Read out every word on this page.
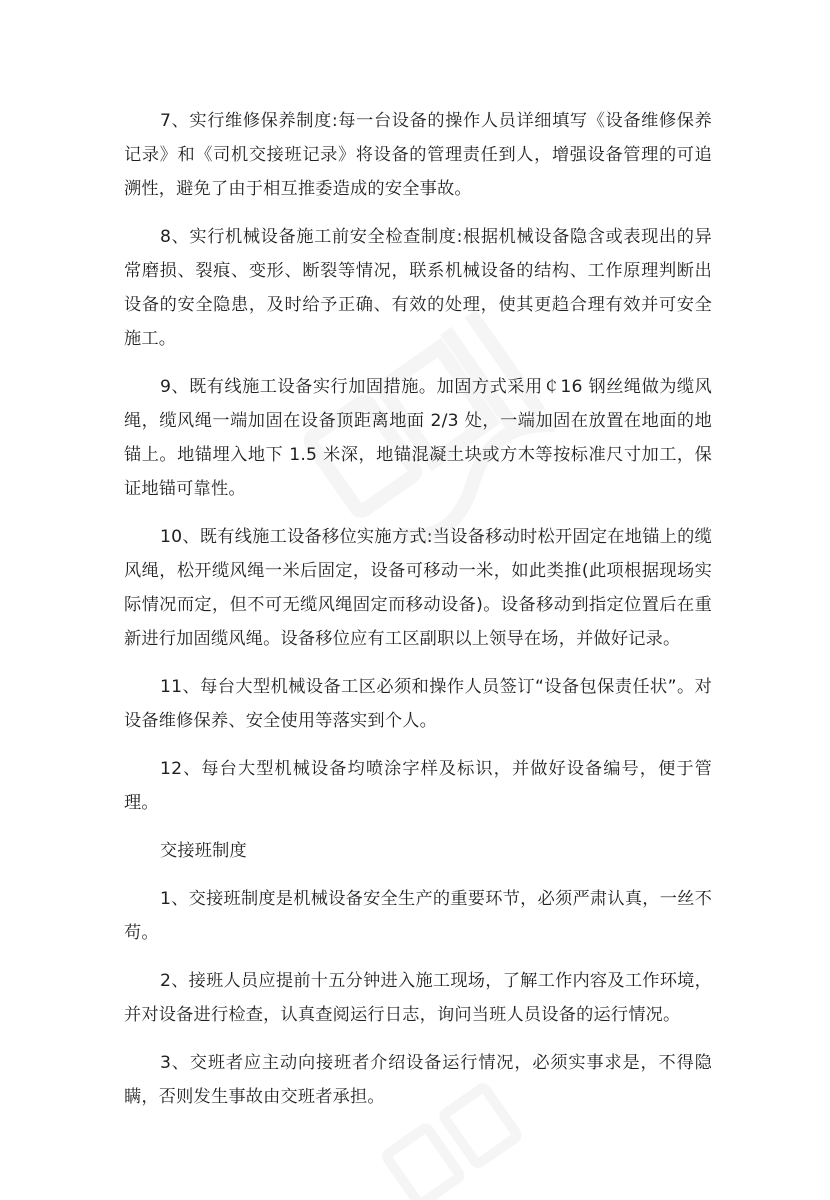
7、实行维修保养制度:每一台设备的操作人员详细填写《设备维修保养记录》和《司机交接班记录》将设备的管理责任到人，增强设备管理的可追溯性，避免了由于相互推委造成的安全事故。

8、实行机械设备施工前安全检查制度:根据机械设备隐含或表现出的异常磨损、裂痕、变形、断裂等情况，联系机械设备的结构、工作原理判断出设备的安全隐患，及时给予正确、有效的处理，使其更趋合理有效并可安全施工。

9、既有线施工设备实行加固措施。加固方式采用￠16 钢丝绳做为缆风绳，缆风绳一端加固在设备顶距离地面 2/3 处，一端加固在放置在地面的地锚上。地锚埋入地下 1.5 米深，地锚混凝土块或方木等按标准尺寸加工，保证地锚可靠性。

10、既有线施工设备移位实施方式:当设备移动时松开固定在地锚上的缆风绳，松开缆风绳一米后固定，设备可移动一米，如此类推(此项根据现场实际情况而定，但不可无缆风绳固定而移动设备)。设备移动到指定位置后在重新进行加固缆风绳。设备移位应有工区副职以上领导在场，并做好记录。

11、每台大型机械设备工区必须和操作人员签订“设备包保责任状”。对设备维修保养、安全使用等落实到个人。

12、每台大型机械设备均喷涂字样及标识，并做好设备编号，便于管理。

交接班制度

1、交接班制度是机械设备安全生产的重要环节，必须严肃认真，一丝不苟。

2、接班人员应提前十五分钟进入施工现场，了解工作内容及工作环境，并对设备进行检查，认真查阅运行日志，询问当班人员设备的运行情况。

3、交班者应主动向接班者介绍设备运行情况，必须实事求是，不得隐瞒，否则发生事故由交班者承担。
